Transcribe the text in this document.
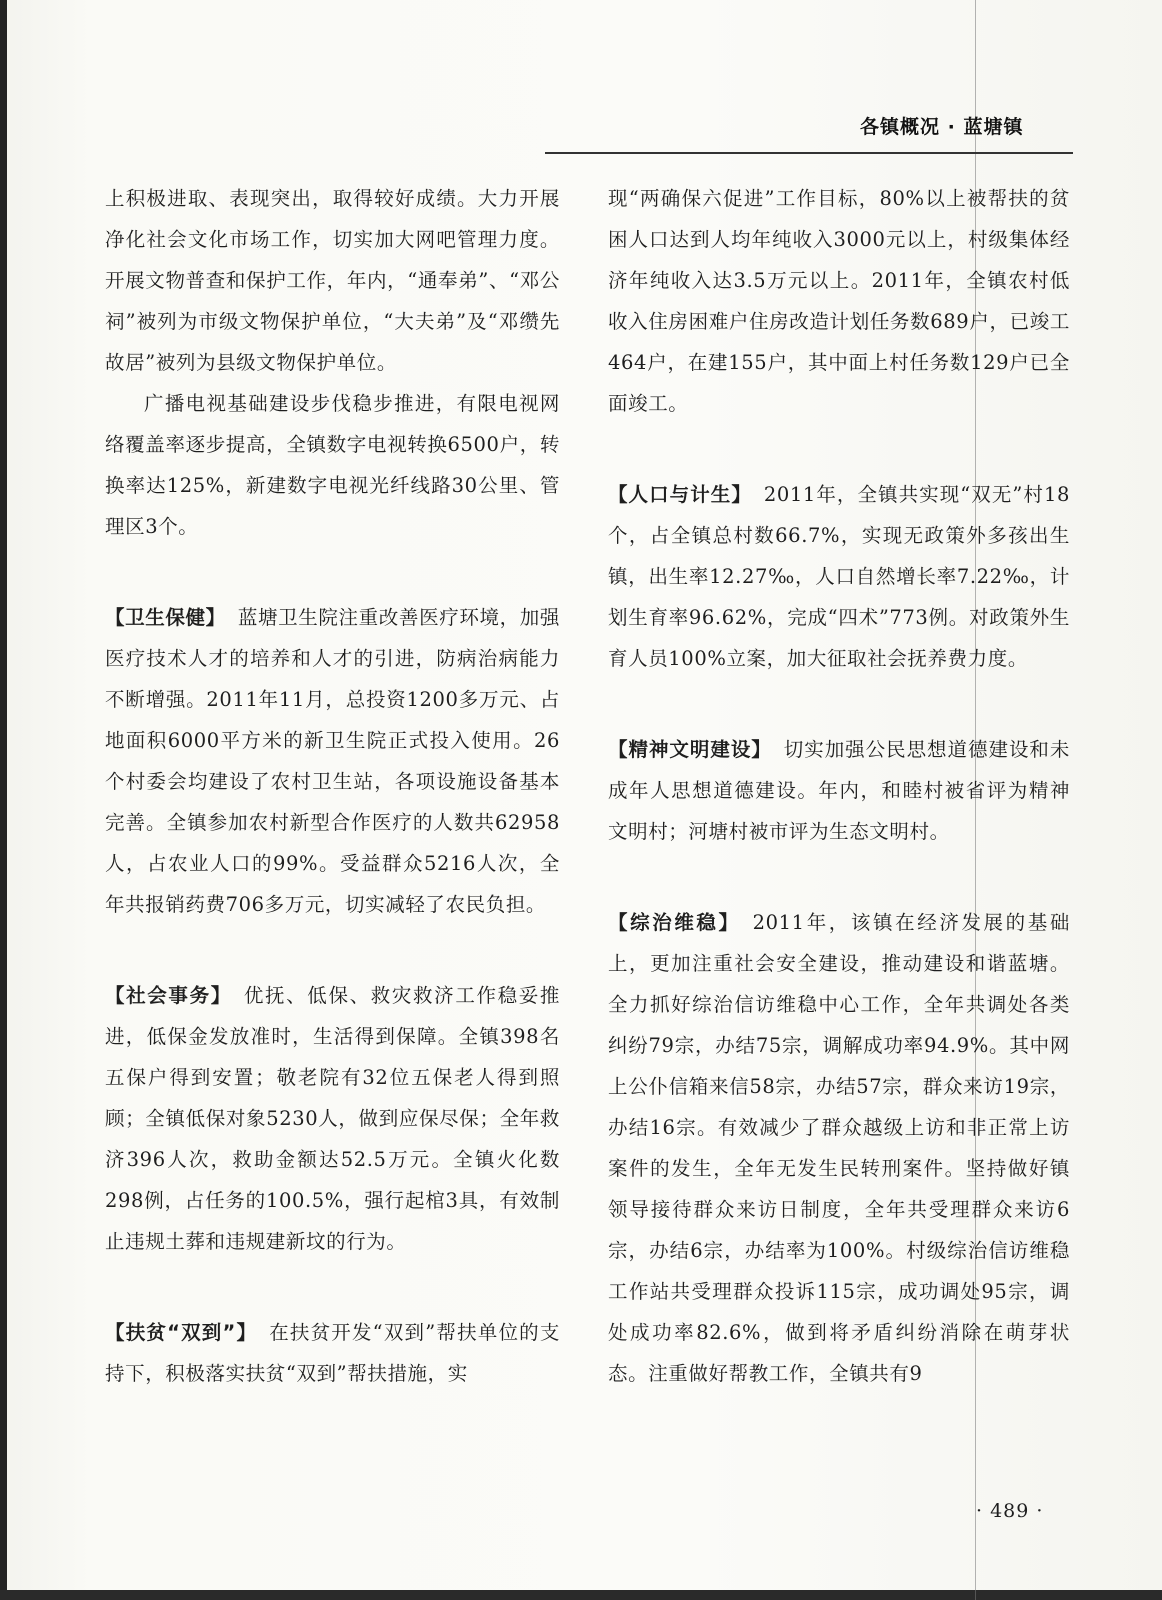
各镇概况 · 蓝塘镇

上积极进取、表现突出，取得较好成绩。大力开展净化社会文化市场工作，切实加大网吧管理力度。开展文物普查和保护工作，年内，“通奉弟”、“邓公祠”被列为市级文物保护单位，“大夫弟”及“邓缵先故居”被列为县级文物保护单位。

广播电视基础建设步伐稳步推进，有限电视网络覆盖率逐步提高，全镇数字电视转换6500户，转换率达125%，新建数字电视光纤线路30公里、管理区3个。

【卫生保健】 蓝塘卫生院注重改善医疗环境，加强医疗技术人才的培养和人才的引进，防病治病能力不断增强。2011年11月，总投资1200多万元、占地面积6000平方米的新卫生院正式投入使用。26个村委会均建设了农村卫生站，各项设施设备基本完善。全镇参加农村新型合作医疗的人数共62958人，占农业人口的99%。受益群众5216人次，全年共报销药费706多万元，切实减轻了农民负担。

【社会事务】 优抚、低保、救灾救济工作稳妥推进，低保金发放准时，生活得到保障。全镇398名五保户得到安置；敬老院有32位五保老人得到照顾；全镇低保对象5230人，做到应保尽保；全年救济396人次，救助金额达52.5万元。全镇火化数298例，占任务的100.5%，强行起棺3具，有效制止违规土葬和违规建新坟的行为。

【扶贫“双到”】 在扶贫开发“双到”帮扶单位的支持下，积极落实扶贫“双到”帮扶措施，实

现“两确保六促进”工作目标，80%以上被帮扶的贫困人口达到人均年纯收入3000元以上，村级集体经济年纯收入达3.5万元以上。2011年，全镇农村低收入住房困难户住房改造计划任务数689户，已竣工464户，在建155户，其中面上村任务数129户已全面竣工。

【人口与计生】 2011年，全镇共实现“双无”村18个，占全镇总村数66.7%，实现无政策外多孩出生镇，出生率12.27‰，人口自然增长率7.22‰，计划生育率96.62%，完成“四术”773例。对政策外生育人员100%立案，加大征取社会抚养费力度。

【精神文明建设】 切实加强公民思想道德建设和未成年人思想道德建设。年内，和睦村被省评为精神文明村；河塘村被市评为生态文明村。

【综治维稳】 2011年，该镇在经济发展的基础上，更加注重社会安全建设，推动建设和谐蓝塘。全力抓好综治信访维稳中心工作，全年共调处各类纠纷79宗，办结75宗，调解成功率94.9%。其中网上公仆信箱来信58宗，办结57宗，群众来访19宗，办结16宗。有效减少了群众越级上访和非正常上访案件的发生，全年无发生民转刑案件。坚持做好镇领导接待群众来访日制度，全年共受理群众来访6宗，办结6宗，办结率为100%。村级综治信访维稳工作站共受理群众投诉115宗，成功调处95宗，调处成功率82.6%，做到将矛盾纠纷消除在萌芽状态。注重做好帮教工作，全镇共有9

· 489 ·
